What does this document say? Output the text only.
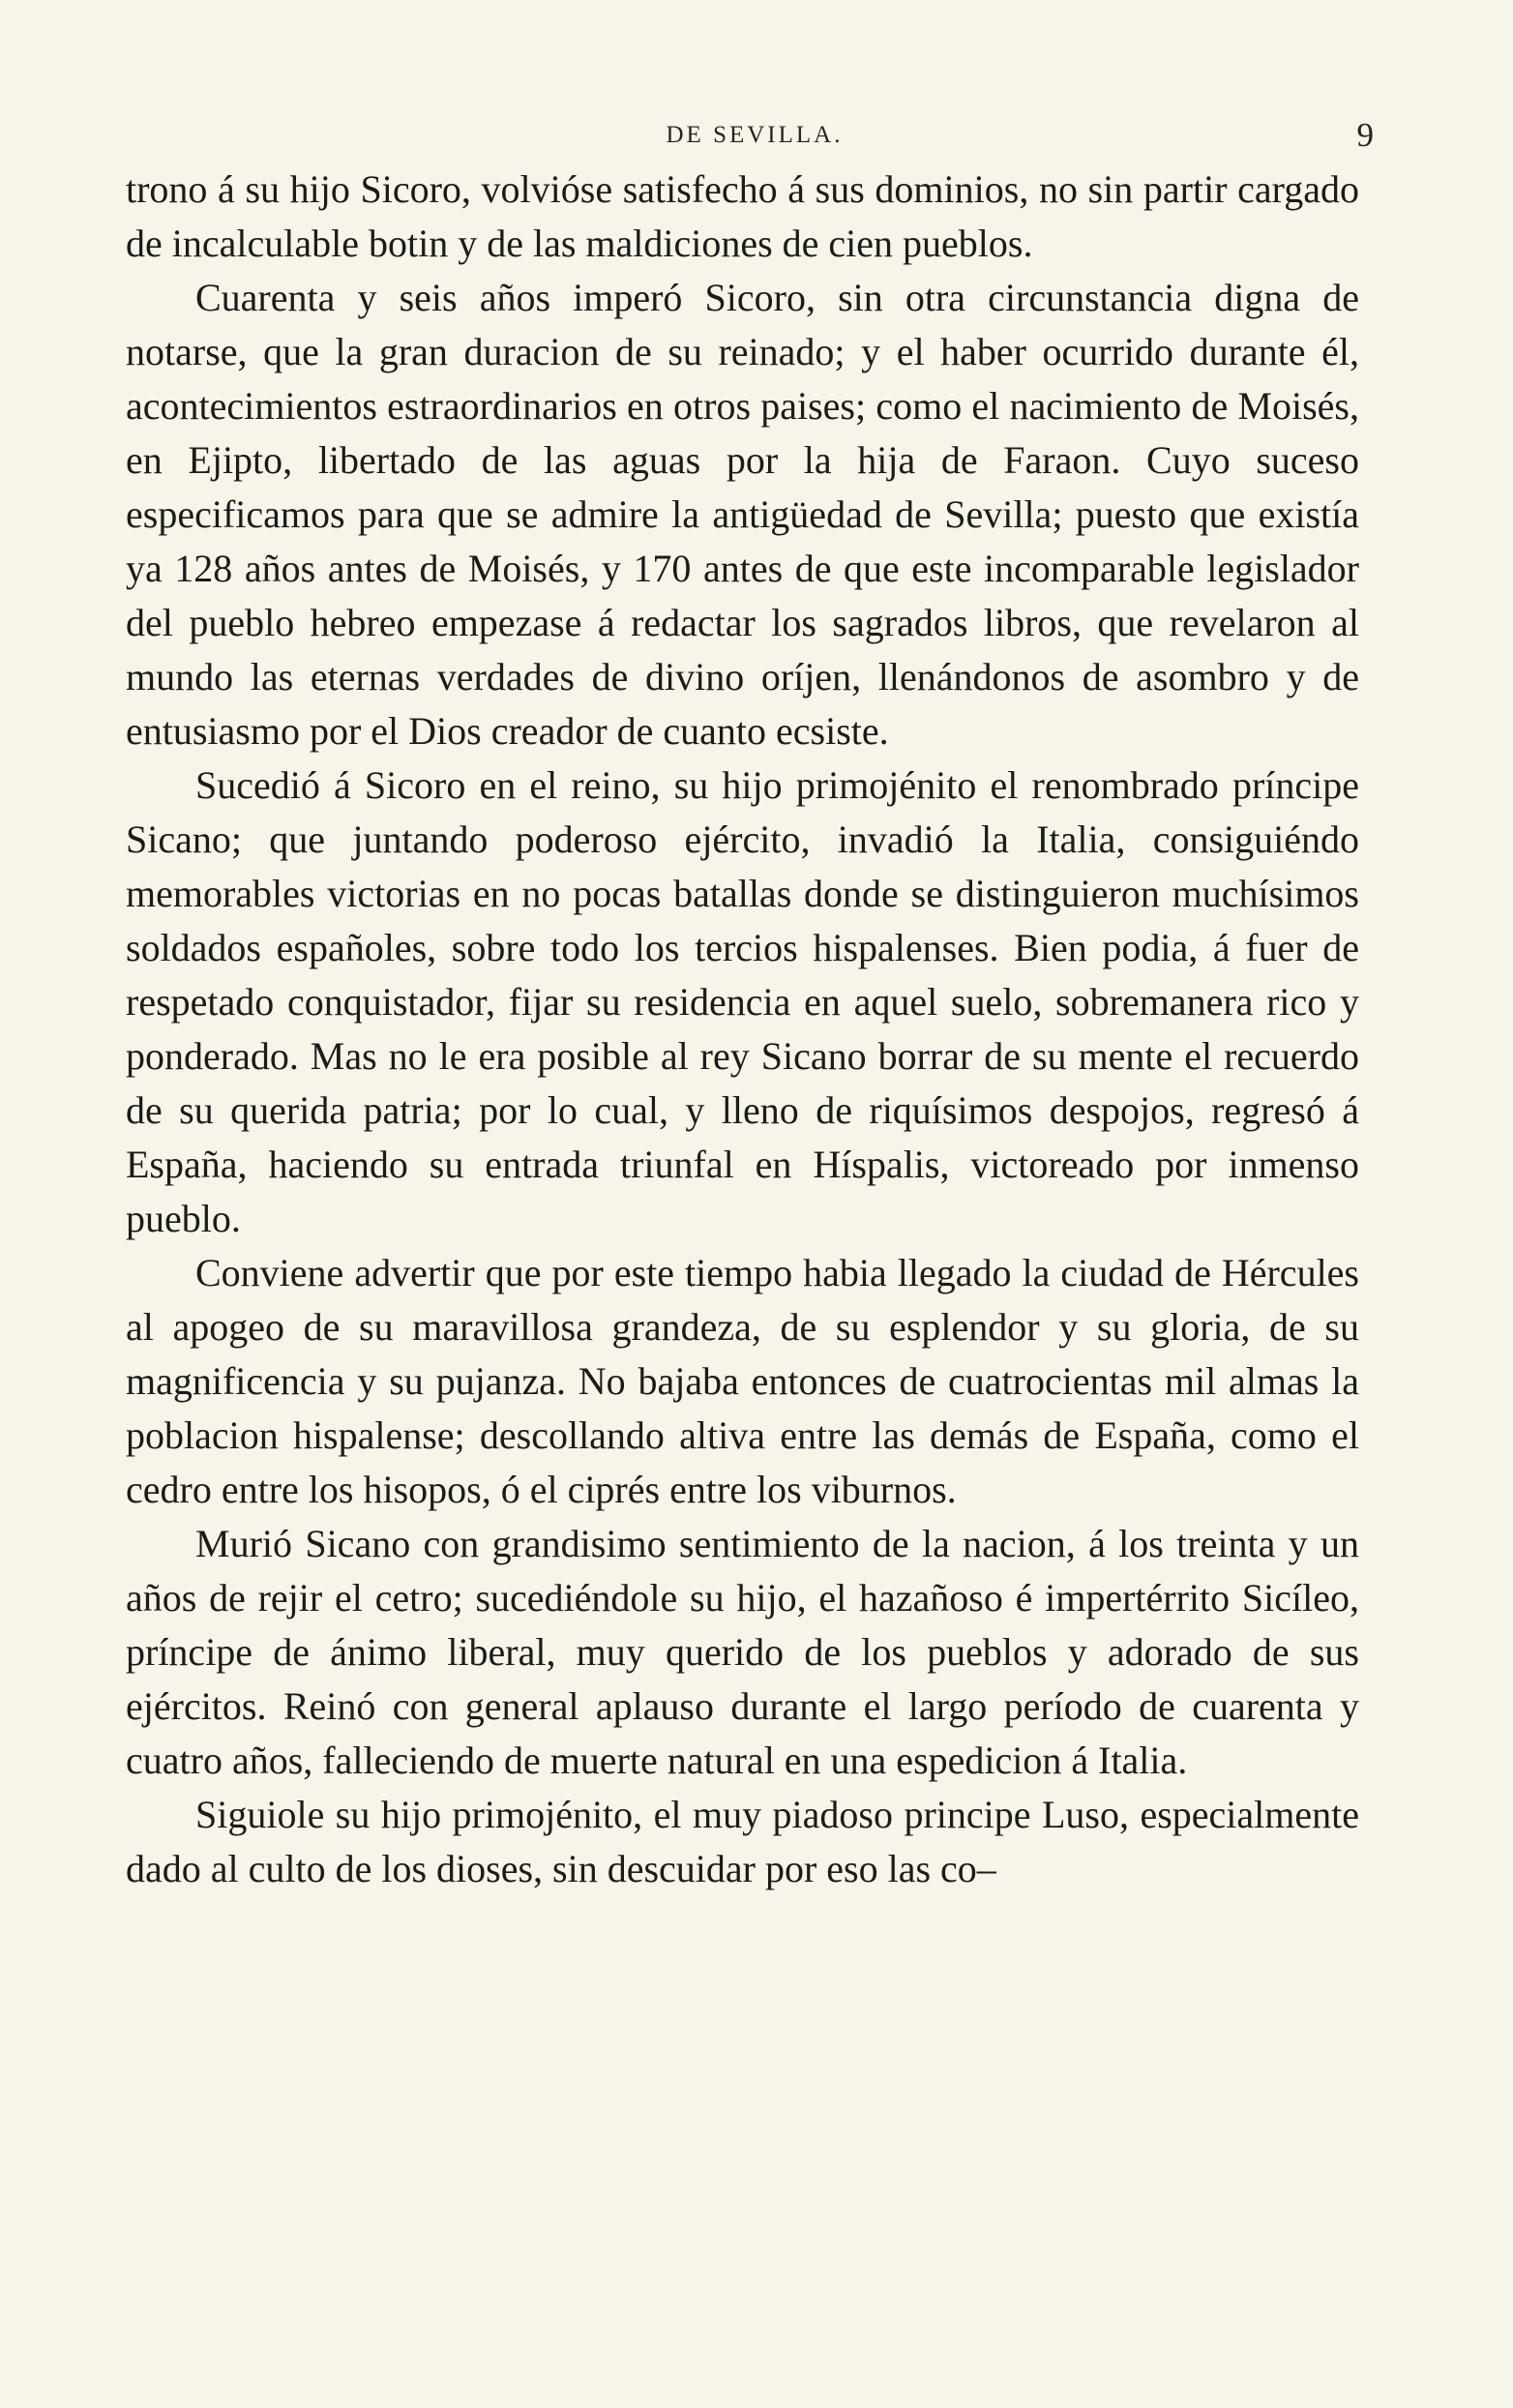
DE SEVILLA.	9

trono á su hijo Sicoro, volvióse satisfecho á sus dominios, no sin partir cargado de incalculable botin y de las maldiciones de cien pueblos.

Cuarenta y seis años imperó Sicoro, sin otra circunstancia digna de notarse, que la gran duracion de su reinado; y el haber ocurrido durante él, acontecimientos estraordinarios en otros paises; como el nacimiento de Moisés, en Ejipto, libertado de las aguas por la hija de Faraon. Cuyo suceso especificamos para que se admire la antigüedad de Sevilla; puesto que existía ya 128 años antes de Moisés, y 170 antes de que este incomparable legislador del pueblo hebreo empezase á redactar los sagrados libros, que revelaron al mundo las eternas verdades de divino oríjen, llenándonos de asombro y de entusiasmo por el Dios creador de cuanto ecsiste.

Sucedió á Sicoro en el reino, su hijo primojénito el renombrado príncipe Sicano; que juntando poderoso ejército, invadió la Italia, consiguiéndo memorables victorias en no pocas batallas donde se distinguieron muchísimos soldados españoles, sobre todo los tercios hispalenses. Bien podia, á fuer de respetado conquistador, fijar su residencia en aquel suelo, sobremanera rico y ponderado. Mas no le era posible al rey Sicano borrar de su mente el recuerdo de su querida patria; por lo cual, y lleno de riquísimos despojos, regresó á España, haciendo su entrada triunfal en Híspalis, victoreado por inmenso pueblo.

Conviene advertir que por este tiempo habia llegado la ciudad de Hércules al apogeo de su maravillosa grandeza, de su esplendor y su gloria, de su magnificencia y su pujanza. No bajaba entonces de cuatrocientas mil almas la poblacion hispalense; descollando altiva entre las demás de España, como el cedro entre los hisopos, ó el ciprés entre los viburnos.

Murió Sicano con grandisimo sentimiento de la nacion, á los treinta y un años de rejir el cetro; sucediéndole su hijo, el hazañoso é impertérrito Sicíleo, príncipe de ánimo liberal, muy querido de los pueblos y adorado de sus ejércitos. Reinó con general aplauso durante el largo período de cuarenta y cuatro años, falleciendo de muerte natural en una espedicion á Italia.

Siguiole su hijo primojénito, el muy piadoso principe Luso, especialmente dado al culto de los dioses, sin descuidar por eso las co–
